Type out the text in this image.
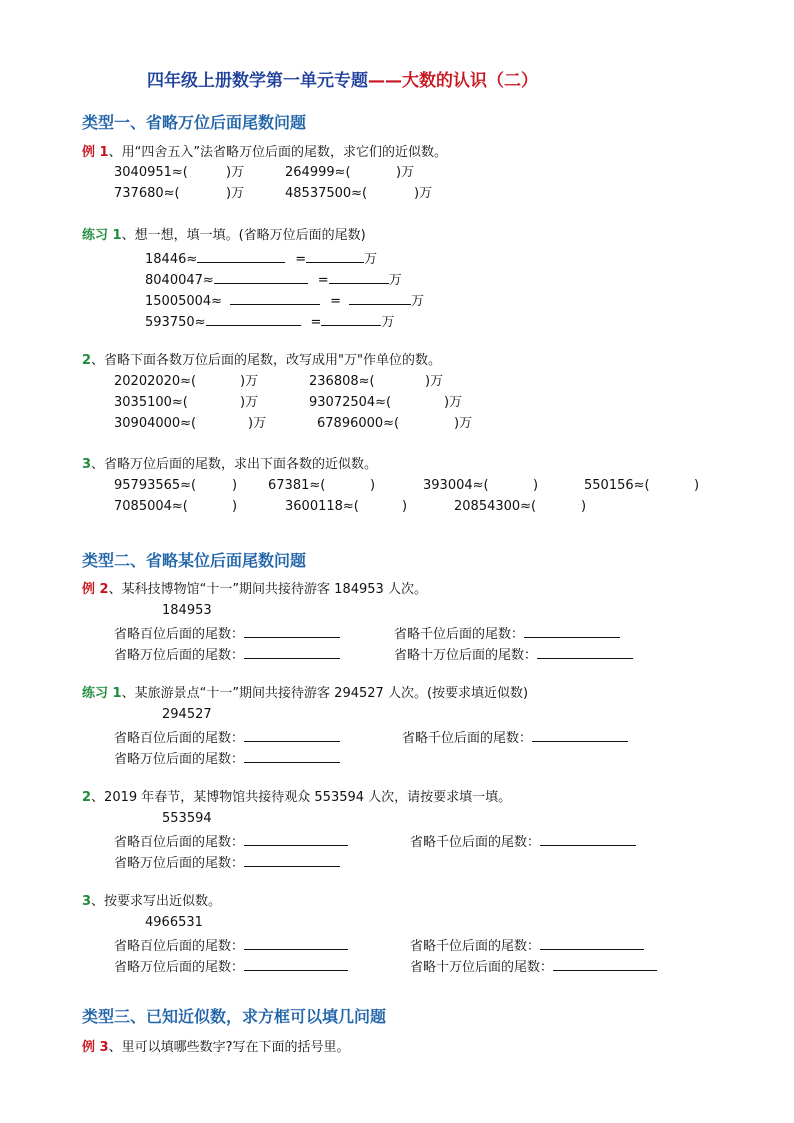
四年级上册数学第一单元专题——大数的认识（二）
类型一、省略万位后面尾数问题
例 1、用“四舍五入”法省略万位后面的尾数，求它们的近似数。
3040951≈(	)万	264999≈(	)万
737680≈(	)万	48537500≈(	)万
练习 1、想一想，填一填。(省略万位后面的尾数)
18446≈	=	万
8040047≈	=	万
15005004≈	=	万
593750≈	=	万
2、省略下面各数万位后面的尾数，改写成用"万"作单位的数。
20202020≈(	)万	236808≈(	)万
3035100≈(	)万	93072504≈(	)万
30904000≈(	)万	67896000≈(	)万
3、省略万位后面的尾数，求出下面各数的近似数。
95793565≈(	) 67381≈(	)	393004≈(	)	550156≈(	)
7085004≈(	)	3600118≈(	)	20854300≈(	)
类型二、省略某位后面尾数问题
例 2、某科技博物馆“十一”期间共接待游客 184953 人次。
184953
省略百位后面的尾数：	省略千位后面的尾数：
省略万位后面的尾数：	省略十万位后面的尾数：
练习 1、某旅游景点“十一”期间共接待游客 294527 人次。(按要求填近似数)
294527
省略百位后面的尾数：	省略千位后面的尾数：
省略万位后面的尾数：
2、2019 年春节，某博物馆共接待观众 553594 人次，请按要求填一填。
553594
省略百位后面的尾数：	省略千位后面的尾数：
省略万位后面的尾数：
3、按要求写出近似数。
4966531
省略百位后面的尾数：	省略千位后面的尾数：
省略万位后面的尾数：	省略十万位后面的尾数：
类型三、已知近似数，求方框可以填几问题
例 3、里可以填哪些数字?写在下面的括号里。
